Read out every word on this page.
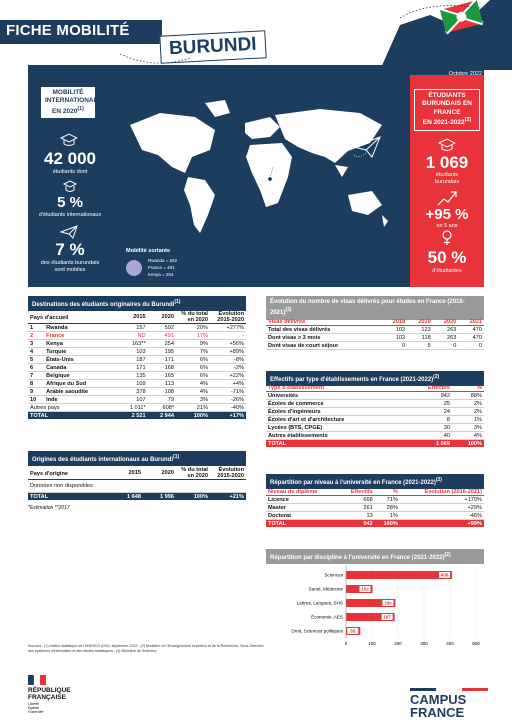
FICHE MOBILITÉ
BURUNDI
Octobre 2022
MOBILITÉ INTERNATIONALE EN 2020$^{(1)}$
42 000
étudiants dont
5 %
d'étudiants internationaux
7 %
des étudiants burundais
sont mobiles
Mobilité sortante
Rwanda = 592
France = 491
Kenya = 254
ÉTUDIANTS BURUNDAIS EN FRANCE
EN 2021-2022$^{(2)}$
1 069
étudiants burundais
+95 %
en 5 ans
50 %
d'étudiantes
Destinations des étudiants originaires du Burundi$^{(1)}$
Pays d'accueil		2015	2020	% du total en 2020	Évolution 2015-2020
1	Rwanda	157	592	20%	+277%
2	France	ND	491	17%	-
3	Kenya	163**	254	9%	+56%
4	Turquie	103	195	7%	+89%
5	États-Unis	187	171	6%	-8%
6	Canada	171	168	6%	-2%
7	Belgique	135	165	6%	+22%
8	Afrique du Sud	109	113	4%	+4%
9	Arabie saoudite	378	108	4%	-71%
10	Inde	107	79	3%	-26%
Autres pays		1 011*	608*	21%	-40%
TOTAL		2 521	2 944	100%	+17%
Origines des étudiants internationaux au Burundi$^{(1)}$
Pays d'origine	2015	2020	% du total en 2020	Évolution 2015-2020
Données non disponibles				
TOTAL	1 648	1 996	100%	+21%
*Estimation **2017
Évolution du nombre de visas délivrés pour études en France (2018-2021)$^{(3)}$
Visas délivrés	2018	2019	2020	2021
Total des visas délivrés	102	123	263	470
Dont visas > 3 mois	102	118	263	470
Dont visas de court séjour	0	5	0	0
Effectifs par type d'établissements en France (2021-2022)$^{(2)}$
Type d'établissement	Effectifs	%
Universités	942	88%
Écoles de commerce	25	2%
Écoles d'ingénieurs	24	2%
Écoles d'art et d'architecture	8	1%
Lycées (BTS, CPGE)	30	3%
Autres établissements	40	4%
TOTAL	1 069	100%
Répartition par niveau à l'université en France (2021-2022)$^{(2)}$
Niveau de diplôme	Effectifs	%	Évolution (2016-2021)
Licence	668	71%	+170%
Master	261	28%	+29%
Doctorat	13	1%	-46%
TOTAL	942	100%	+99%
Répartition par discipline à l'université en France (2021-2022)$^{(2)}$
0	100	200	300	400	500
Sciences	408
Santé, Médecine	102
Lettres, Langues, SHS	190
Économie, AES	187
Droit, Sciences politiques 55
Sources : (1) Institut statistique de l'UNESCO (ISU), septembre 2022 ; (2) Ministère de l'Enseignement supérieur et de la Recherche, Sous-Direction des systèmes d'information et des études statistiques ; (3) Ministère de l'Intérieur.
RÉPUBLIQUE
FRANÇAISE
Liberté
Égalité
Fraternité
CAMPUS
FRANCE
